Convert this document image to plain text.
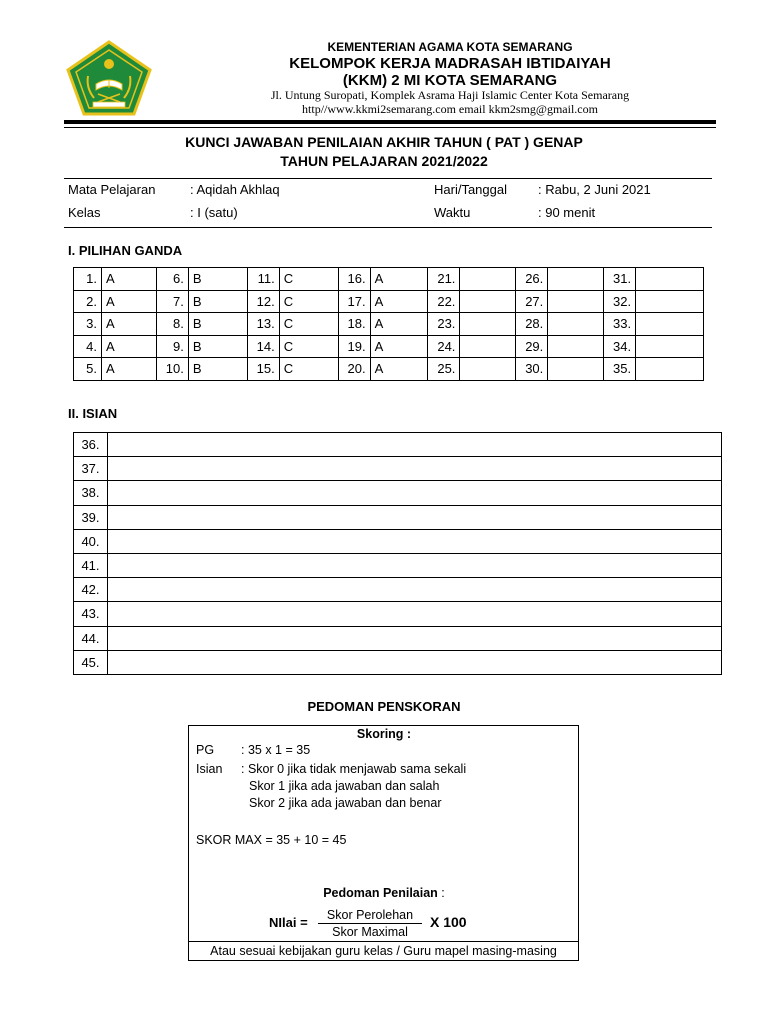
KEMENTERIAN AGAMA KOTA SEMARANG
KELOMPOK KERJA MADRASAH IBTIDAIYAH
(KKM) 2 MI KOTA SEMARANG
Jl. Untung Suropati, Komplek Asrama Haji Islamic Center Kota Semarang
http//www.kkmi2semarang.com email kkm2smg@gmail.com
KUNCI JAWABAN PENILAIAN AKHIR TAHUN ( PAT ) GENAP
TAHUN PELAJARAN 2021/2022
Mata Pelajaran	: Aqidah Akhlaq	Hari/Tanggal : Rabu, 2 Juni 2021
Kelas	: I (satu)	Waktu	: 90 menit
I. PILIHAN GANDA
1.	A	6.	B	11.	C	16.	A	21.		26.		31.	
2.	A	7.	B	12.	C	17.	A	22.		27.		32.	
3.	A	8.	B	13.	C	18.	A	23.		28.		33.	
4.	A	9.	B	14.	C	19.	A	24.		29.		34.	
5.	A	10.	B	15.	C	20.	A	25.		30.		35.	
II. ISIAN
36.	
37.	
38.	
39.	
40.	
41.	
42.	
43.	
44.	
45.	
PEDOMAN PENSKORAN
Skoring :
PG : 35 x 1 = 35
Isian : Skor 0 jika tidak menjawab sama sekali
Skor 1 jika ada jawaban dan salah
Skor 2 jika ada jawaban dan benar
SKOR MAX = 35 + 10 = 45
Pedoman Penilaian :
NIlai =	Skor Perolehan
Skor Maximal
X 100
Atau sesuai kebijakan guru kelas / Guru mapel masing-masing
